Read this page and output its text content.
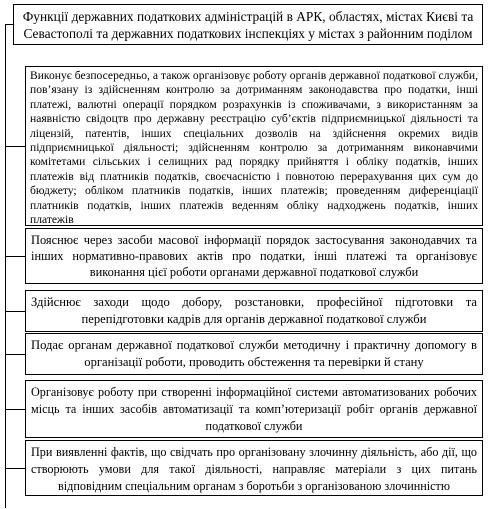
Функції державних податкових адміністрацій в АРК, областях, містах Києві та Севастополі та державних податкових інспекціях у містах з районним поділом
Виконує безпосередньо, а також організовує роботу органів державної податкової служби, пов’язану із здійсненням контролю за дотриманням законодавства про податки, інші платежі, валютні операції порядком розрахунків із споживачами, з використанням за наявністю свідоцтв про державну реєстрацію суб’єктів підприємницької діяльності та ліцензій, патентів, інших спеціальних дозволів на здійснення окремих видів підприємницької діяльності; здійсненням контролю за дотриманням виконавчими комітетами сільських і селищних рад порядку прийняття і обліку податків, інших платежів від платників податків, своєчасністю і повнотою перерахування цих сум до бюджету; обліком платників податків, інших платежів; проведенням диференціації платників податків, інших платежів веденням обліку надходжень податків, інших платежів
Пояснює через засоби масової інформації порядок застосування законодавчих та інших нормативно-правових актів про податки, інші платежі та організовує виконання цієї роботи органами державної податкової служби
Здійснює заходи щодо добору, розстановки, професійної підготовки та перепідготовки кадрів для органів державної податкової служби
Подає органам державної податкової служби методичну і практичну допомогу в організації роботи, проводить обстеження та перевірки й стану
Організовує роботу при створенні інформаційної системи автоматизованих робочих місць та інших засобів автоматизації та комп’ютеризації робіт органів державної податкової служби
При виявленні фактів, що свідчать про організовану злочинну діяльність, або дії, що створюють умови для такої діяльності, направляє матеріали з цих питань відповідним спеціальним органам з боротьби з організованою злочинністю
